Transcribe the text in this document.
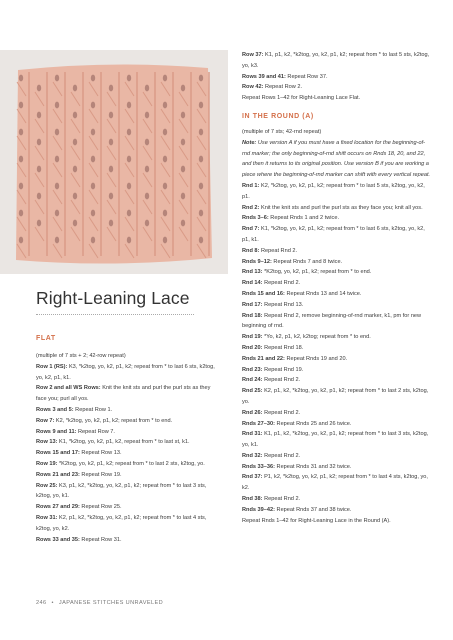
Right-Leaning Lace
FLAT

(multiple of 7 sts + 2; 42-row repeat)

Row 1 (RS): K3, *k2tog, yo, k2, p1, k2; repeat from * to last 6 sts, k2tog, yo, k2, p1, k1.

Row 2 and all WS Rows: Knit the knit sts and purl the purl sts as they face you; purl all yos.

Rows 3 and 5: Repeat Row 1.

Row 7: K2, *k2tog, yo, k2, p1, k2; repeat from * to end.

Rows 9 and 11: Repeat Row 7.

Row 13: K1, *k2tog, yo, k2, p1, k2, repeat from * to last st, k1.

Rows 15 and 17: Repeat Row 13.

Row 19: *K2tog, yo, k2, p1, k2; repeat from * to last 2 sts, k2tog, yo.

Rows 21 and 23: Repeat Row 19.

Row 25: K3, p1, k2, *k2tog, yo, k2, p1, k2; repeat from * to last 3 sts, k2tog, yo, k1.

Rows 27 and 29: Repeat Row 25.

Row 31: K2, p1, k2, *k2tog, yo, k2, p1, k2; repeat from * to last 4 sts, k2tog, yo, k2.

Rows 33 and 35: Repeat Row 31.

Row 37: K1, p1, k2, *k2tog, yo, k2, p1, k2; repeat from * to last 5 sts, k2tog, yo, k3.

Rows 39 and 41: Repeat Row 37.

Row 42: Repeat Row 2.

Repeat Rows 1–42 for Right-Leaning Lace Flat.

IN THE ROUND (A)

(multiple of 7 sts; 42-rnd repeat)

Note: Use version A if you must have a fixed location for the beginning-of-rnd marker; the only beginning-of-rnd shift occurs on Rnds 18, 20, and 22, and then it returns to its original position. Use version B if you are working a piece where the beginning-of-rnd marker can shift with every vertical repeat.

Rnd 1: K2, *k2tog, yo, k2, p1, k2; repeat from * to last 5 sts, k2tog, yo, k2, p1.

Rnd 2: Knit the knit sts and purl the purl sts as they face you; knit all yos.

Rnds 3–6: Repeat Rnds 1 and 2 twice.

Rnd 7: K1, *k2tog, yo, k2, p1, k2; repeat from * to last 6 sts, k2tog, yo, k2, p1, k1.

Rnd 8: Repeat Rnd 2.

Rnds 9–12: Repeat Rnds 7 and 8 twice.

Rnd 13: *K2tog, yo, k2, p1, k2; repeat from * to end.

Rnd 14: Repeat Rnd 2.

Rnds 15 and 16: Repeat Rnds 13 and 14 twice.

Rnd 17: Repeat Rnd 13.

Rnd 18: Repeat Rnd 2, remove beginning-of-rnd marker, k1, pm for new beginning of rnd.

Rnd 19: *Yo, k2, p1, k2, k2tog; repeat from * to end.

Rnd 20: Repeat Rnd 18.

Rnds 21 and 22: Repeat Rnds 19 and 20.

Rnd 23: Repeat Rnd 19.

Rnd 24: Repeat Rnd 2.

Rnd 25: K2, p1, k2, *k2tog, yo, k2, p1, k2; repeat from * to last 2 sts, k2tog, yo.

Rnd 26: Repeat Rnd 2.

Rnds 27–30: Repeat Rnds 25 and 26 twice.

Rnd 31: K1, p1, k2, *k2tog, yo, k2, p1, k2; repeat from * to last 3 sts, k2tog, yo, k1.

Rnd 32: Repeat Rnd 2.

Rnds 33–36: Repeat Rnds 31 and 32 twice.

Rnd 37: P1, k2, *k2tog, yo, k2, p1, k2; repeat from * to last 4 sts, k2tog, yo, k2.

Rnd 38: Repeat Rnd 2.

Rnds 39–42: Repeat Rnds 37 and 38 twice.

Repeat Rnds 1–42 for Right-Leaning Lace in the Round (A).

246 • JAPANESE STITCHES UNRAVELED
